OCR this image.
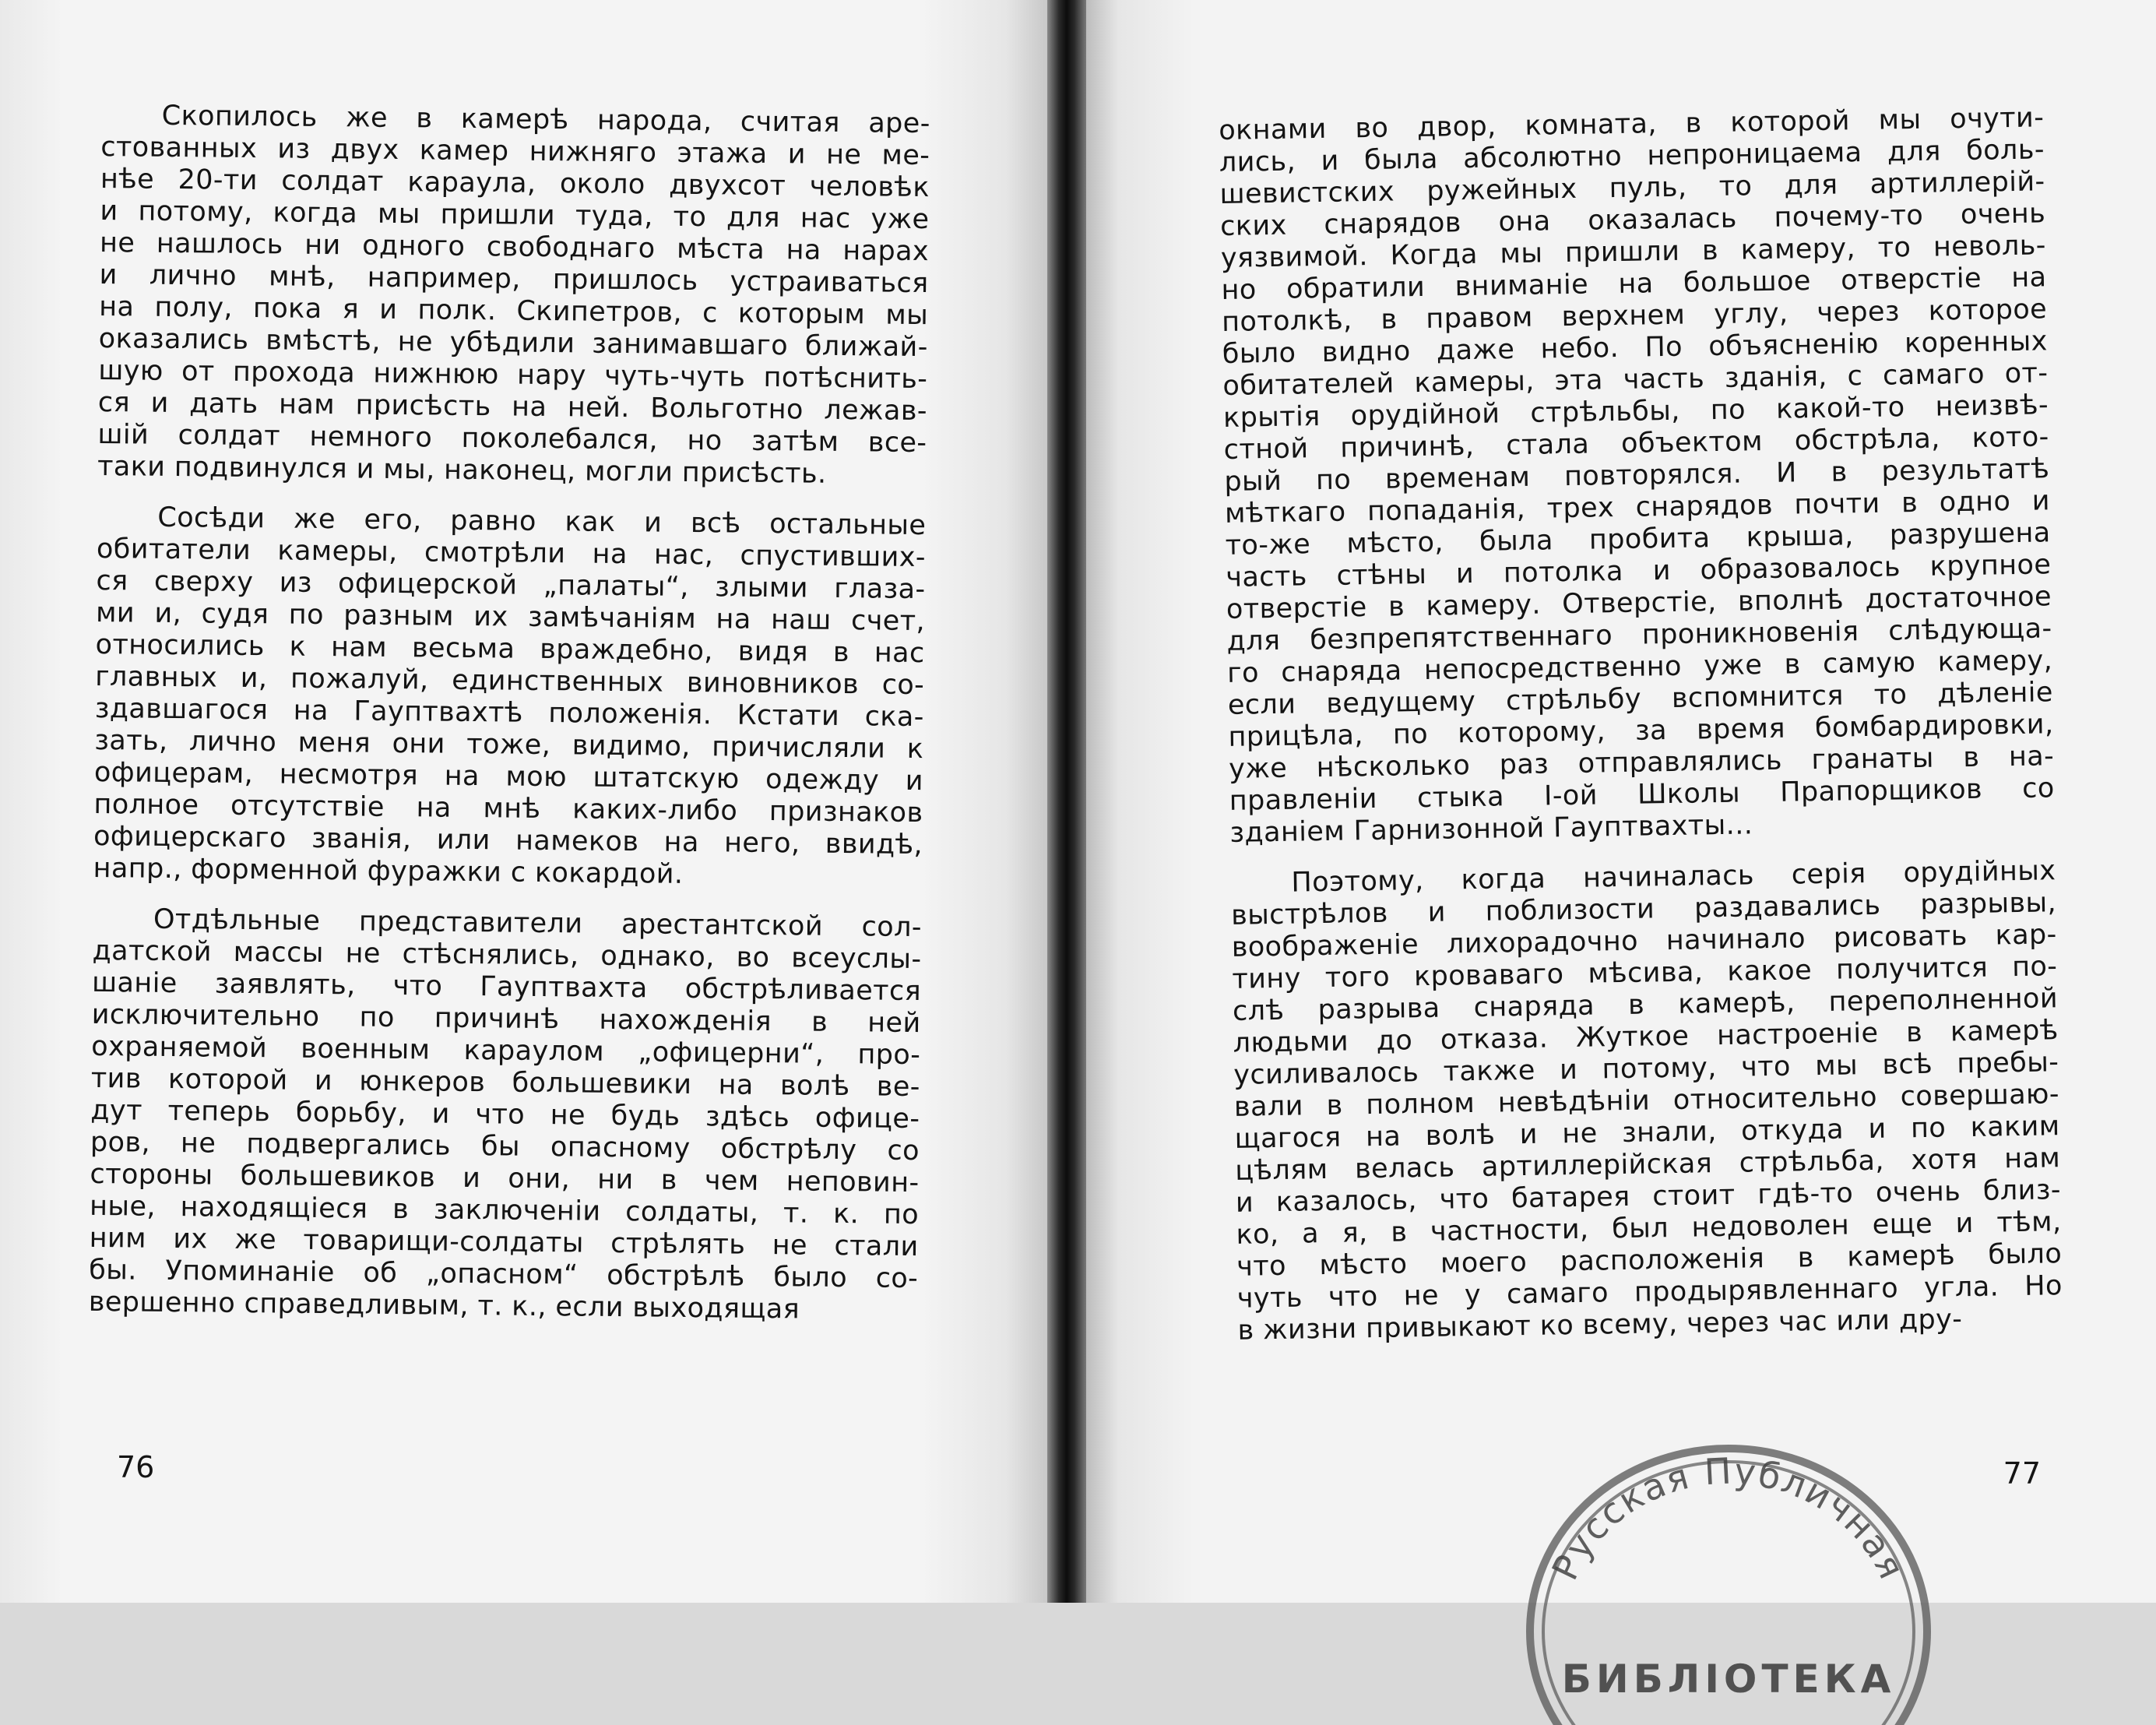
Скопилось же в камерѣ народа, считая аре-
стованных из двух камер нижняго этажа и не ме-
нѣе 20-ти солдат караула, около двухсот человѣк
и потому, когда мы пришли туда, то для нас уже
не нашлось ни одного свободнаго мѣста на нарах
и лично мнѣ, например, пришлось устраиваться
на полу, пока я и полк. Скипетров, с которым мы
оказались вмѣстѣ, не убѣдили занимавшаго ближай-
шую от прохода нижнюю нару чуть-чуть потѣснить-
ся и дать нам присѣсть на ней. Вольготно лежав-
шій солдат немного поколебался, но затѣм все-
таки подвинулся и мы, наконец, могли присѣсть.
Сосѣди же его, равно как и всѣ остальные
обитатели камеры, смотрѣли на нас, спустивших-
ся сверху из офицерской „палаты“, злыми глаза-
ми и, судя по разным их замѣчаніям на наш счет,
относились к нам весьма враждебно, видя в нас
главных и, пожалуй, единственных виновников со-
здавшагося на Гауптвахтѣ положенія. Кстати ска-
зать, лично меня они тоже, видимо, причисляли к
офицерам, несмотря на мою штатскую одежду и
полное отсутствіе на мнѣ каких-либо признаков
офицерскаго званія, или намеков на него, ввидѣ,
напр., форменной фуражки с кокардой.
Отдѣльные представители арестантской сол-
датской массы не стѣснялись, однако, во всеуслы-
шаніе заявлять, что Гауптвахта обстрѣливается
исключительно по причинѣ нахожденія в ней
охраняемой военным караулом „офицерни“, про-
тив которой и юнкеров большевики на волѣ ве-
дут теперь борьбу, и что не будь здѣсь офице-
ров, не подвергались бы опасному обстрѣлу со
стороны большевиков и они, ни в чем неповин-
ные, находящіеся в заключеніи солдаты, т. к. по
ним их же товарищи-солдаты стрѣлять не стали
бы. Упоминаніе об „опасном“ обстрѣлѣ было со-
вершенно справедливым, т. к., если выходящая
76
окнами во двор, комната, в которой мы очути-
лись, и была абсолютно непроницаема для боль-
шевистских ружейных пуль, то для артиллерій-
ских снарядов она оказалась почему-то очень
уязвимой. Когда мы пришли в камеру, то неволь-
но обратили вниманіе на большое отверстіе на
потолкѣ, в правом верхнем углу, через которое
было видно даже небо. По объясненію коренных
обитателей камеры, эта часть зданія, с самаго от-
крытія орудійной стрѣльбы, по какой-то неизвѣ-
стной причинѣ, стала объектом обстрѣла, кото-
рый по временам повторялся. И в результатѣ
мѣткаго попаданія, трех снарядов почти в одно и
то-же мѣсто, была пробита крыша, разрушена
часть стѣны и потолка и образовалось крупное
отверстіе в камеру. Отверстіе, вполнѣ достаточное
для безпрепятственнаго проникновенія слѣдующа-
го снаряда непосредственно уже в самую камеру,
если ведущему стрѣльбу вспомнится то дѣленіе
прицѣла, по которому, за время бомбардировки,
уже нѣсколько раз отправлялись гранаты в на-
правленіи стыка І-ой Школы Прапорщиков со
зданіем Гарнизонной Гауптвахты...
Поэтому, когда начиналась серія орудійных
выстрѣлов и поблизости раздавались разрывы,
воображеніе лихорадочно начинало рисовать кар-
тину того кроваваго мѣсива, какое получится по-
слѣ разрыва снаряда в камерѣ, переполненной
людьми до отказа. Жуткое настроеніе в камерѣ
усиливалось также и потому, что мы всѣ пребы-
вали в полном невѣдѣніи относительно совершаю-
щагося на волѣ и не знали, откуда и по каким
цѣлям велась артиллерійская стрѣльба, хотя нам
и казалось, что батарея стоит гдѣ-то очень близ-
ко, а я, в частности, был недоволен еще и тѣм,
что мѣсто моего расположенія в камерѣ было
чуть что не у самаго продырявленнаго угла. Но
в жизни привыкают ко всему, через час или дру-
77
Русская Публичная
БИБЛІОТЕКА
